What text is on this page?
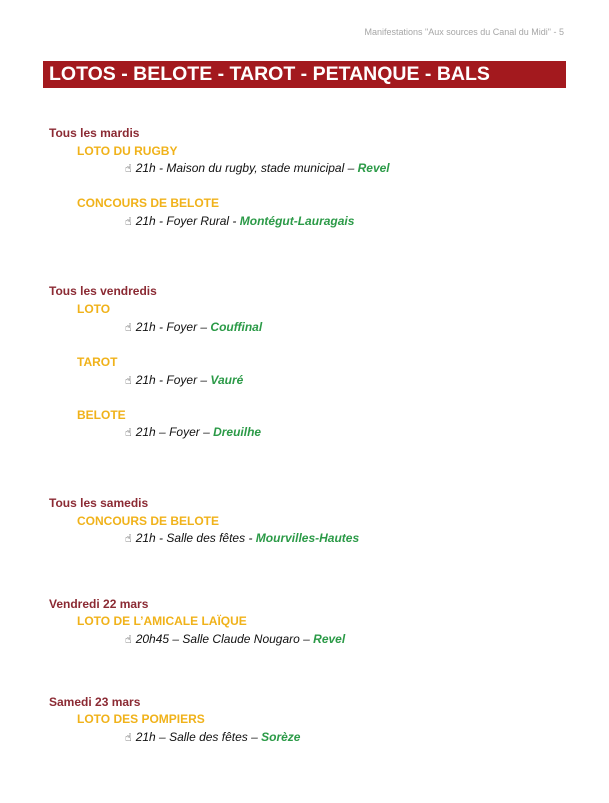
Manifestations "Aux sources du Canal du Midi" - 5
LOTOS - BELOTE - TAROT - PETANQUE - BALS
Tous les mardis
LOTO DU RUGBY
☝ 21h - Maison du rugby, stade municipal – Revel
CONCOURS DE BELOTE
☝ 21h - Foyer Rural - Montégut-Lauragais
Tous les vendredis
LOTO
☝ 21h - Foyer – Couffinal
TAROT
☝ 21h - Foyer – Vauré
BELOTE
☝ 21h – Foyer – Dreuilhe
Tous les samedis
CONCOURS DE BELOTE
☝ 21h - Salle des fêtes - Mourvilles-Hautes
Vendredi 22 mars
LOTO DE L’AMICALE LAÏQUE
☝ 20h45 – Salle Claude Nougaro – Revel
Samedi 23 mars
LOTO DES POMPIERS
☝ 21h – Salle des fêtes – Sorèze
